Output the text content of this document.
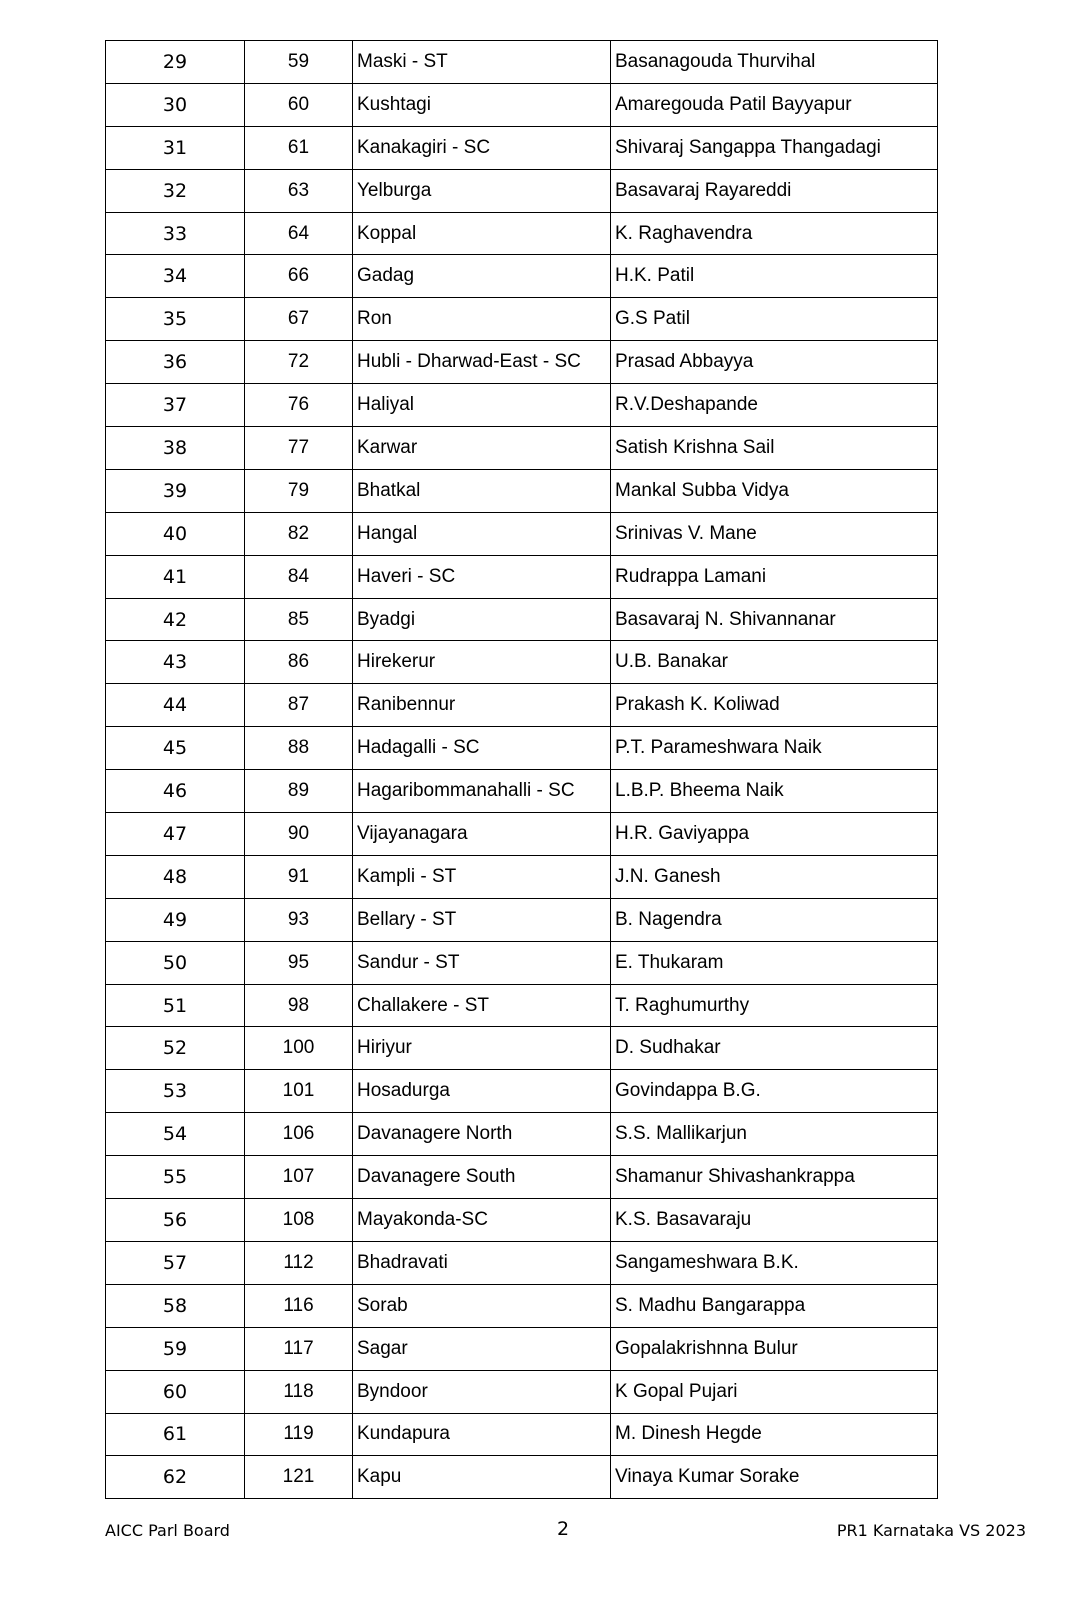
29	59	Maski - ST	Basanagouda Thurvihal
30	60	Kushtagi	Amaregouda Patil Bayyapur
31	61	Kanakagiri - SC	Shivaraj Sangappa Thangadagi
32	63	Yelburga	Basavaraj Rayareddi
33	64	Koppal	K. Raghavendra
34	66	Gadag	H.K. Patil
35	67	Ron	G.S Patil
36	72	Hubli - Dharwad-East - SC	Prasad Abbayya
37	76	Haliyal	R.V.Deshapande
38	77	Karwar	Satish Krishna Sail
39	79	Bhatkal	Mankal Subba Vidya
40	82	Hangal	Srinivas V. Mane
41	84	Haveri - SC	Rudrappa Lamani
42	85	Byadgi	Basavaraj N. Shivannanar
43	86	Hirekerur	U.B. Banakar
44	87	Ranibennur	Prakash K. Koliwad
45	88	Hadagalli - SC	P.T. Parameshwara Naik
46	89	Hagaribommanahalli - SC	L.B.P. Bheema Naik
47	90	Vijayanagara	H.R. Gaviyappa
48	91	Kampli - ST	J.N. Ganesh
49	93	Bellary - ST	B. Nagendra
50	95	Sandur - ST	E. Thukaram
51	98	Challakere - ST	T. Raghumurthy
52	100	Hiriyur	D. Sudhakar
53	101	Hosadurga	Govindappa B.G.
54	106	Davanagere North	S.S. Mallikarjun
55	107	Davanagere South	Shamanur Shivashankrappa
56	108	Mayakonda-SC	K.S. Basavaraju
57	112	Bhadravati	Sangameshwara B.K.
58	116	Sorab	S. Madhu Bangarappa
59	117	Sagar	Gopalakrishnna Bulur
60	118	Byndoor	K Gopal Pujari
61	119	Kundapura	M. Dinesh Hegde
62	121	Kapu	Vinaya Kumar Sorake
AICC Parl Board	2	PR1 Karnataka VS 2023
